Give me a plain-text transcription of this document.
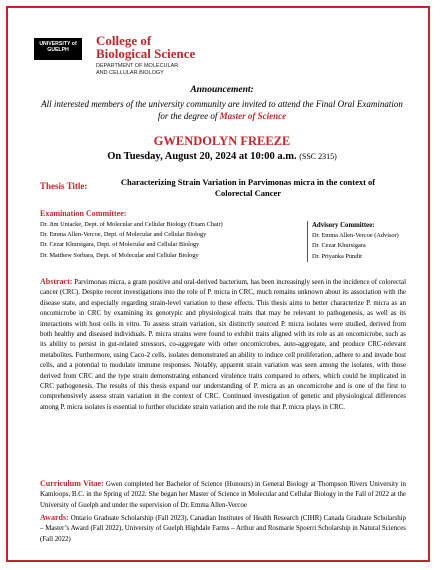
UNIVERSITY of GUELPH
College of
Biological Science
DEPARTMENT OF MOLECULAR
AND CELLULAR BIOLOGY
Announcement:
All interested members of the university community are invited to attend the Final Oral Examination for the degree of Master of Science
GWENDOLYN FREEZE
On Tuesday, August 20, 2024 at 10:00 a.m. (SSC 2315)
Thesis Title:	Characterizing Strain Variation in Parvimonas micra in the context of Colorectal Cancer
Examination Committee:
Dr. Jim Uniacke, Dept. of Molecular and Cellular Biology (Exam Chair)
Dr. Emma Allen-Vercoe, Dept. of Molecular and Cellular Biology
Dr. Cezar Khursigara, Dept. of Molecular and Cellular Biology
Dr. Matthew Sorbara, Dept. of Molecular and Cellular Biology
Advisory Committee:
Dr. Emma Allen-Vercoe (Advisor)
Dr. Cezar Khursigara
Dr. Priyanka Pundir
Abstract: Parvimonas micra, a gram positive and oral-derived bacterium, has been increasingly seen in the incidence of colorectal cancer (CRC). Despite recent investigations into the role of P. micra in CRC, much remains unknown about its association with the disease state, and especially regarding strain-level variation to these effects. This thesis aims to better characterize P. micra as an oncomicrobe in CRC by examining its genotypic and physiological traits that may be relevant to pathogenesis, as well as its interactions with host cells in vitro. To assess strain variation, six distinctly sourced P. micra isolates were studied, derived from both healthy and diseased individuals. P. micra strains were found to exhibit traits aligned with its role as an oncomicrobe, such as its ability to persist in gut-related stressors, co-aggregate with other oncomicrobes, auto-aggregate, and produce CRC-relevant metabolites. Furthermore, using Caco-2 cells, isolates demonstrated an ability to induce cell proliferation, adhere to and invade host cells, and a potential to modulate immune responses. Notably, apparent strain variation was seen among the isolates, with those derived from CRC and the type strain demonstrating enhanced virulence traits compared to others, which could be implicated in CRC pathogenesis. The results of this thesis expand our understanding of P. micra as an oncomicrobe and is one of the first to comprehensively assess strain variation in the context of CRC. Continued investigation of genetic and physiological differences among P. micra isolates is essential to further elucidate strain variation and the role that P. micra plays in CRC.
Curriculum Vitae: Gwen completed her Bachelor of Science (Honours) in General Biology at Thompson Rivers University in Kamloops, B.C. in the Spring of 2022. She began her Master of Science in Molecular and Cellular Biology in the Fall of 2022 at the University of Guelph and under the supervision of Dr. Emma Allen-Vercoe
Awards: Ontario Graduate Scholarship (Fall 2023), Canadian Institutes of Health Research (CIHR) Canada Graduate Scholarship – Master’s Award (Fall 2022), University of Guelph Highdale Farms – Arthur and Rosmarie Spoerri Scholarship in Natural Sciences (Fall 2022)
